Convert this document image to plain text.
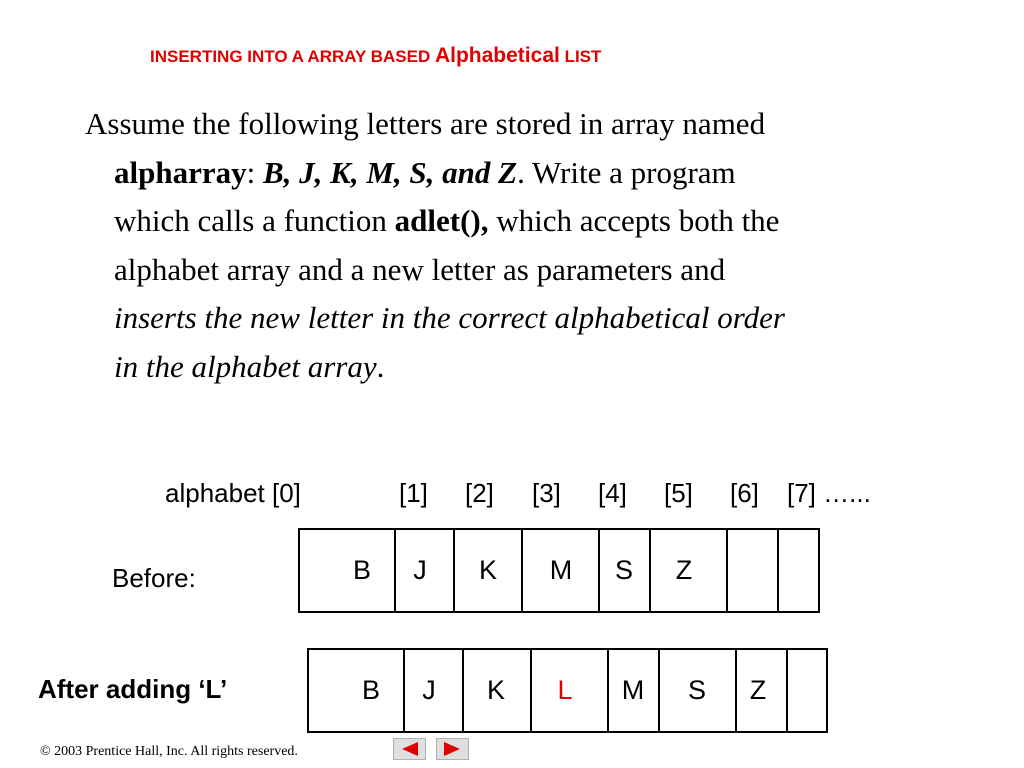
INSERTING INTO A ARRAY BASED Alphabetical LIST
Assume the following letters are stored in array named
alpharray: B, J, K, M, S, and Z. Write a program
which calls a function adlet(), which accepts both the
alphabet array and a new letter as parameters and
inserts the new letter in the correct alphabetical order
in the alphabet array.
alphabet [0]	[1] [2] [3] [4] [5] [6] [7] …...
Before:	B J K M S Z
After adding ‘L’	B J K L M S Z
© 2003 Prentice Hall, Inc. All rights reserved.
